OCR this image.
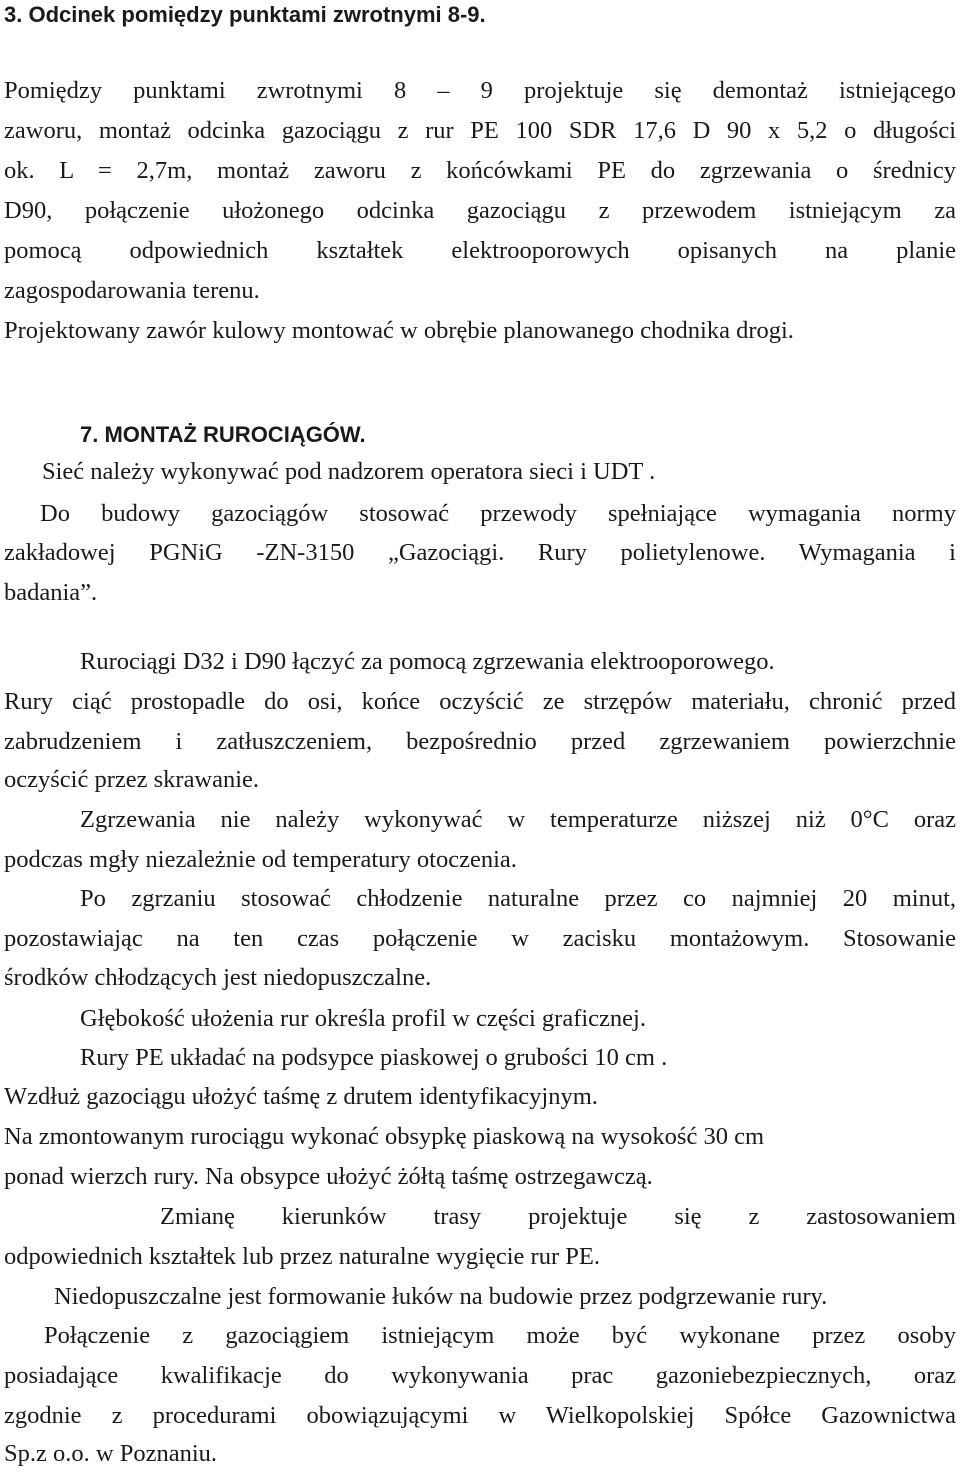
3. Odcinek pomiędzy punktami zwrotnymi 8-9.

Pomiędzy punktami zwrotnymi 8 – 9 projektuje się demontaż istniejącego

zaworu, montaż odcinka gazociągu z rur PE 100 SDR 17,6 D 90 x 5,2 o długości

ok. L = 2,7m, montaż zaworu z końcówkami PE do zgrzewania o średnicy

D90, połączenie ułożonego odcinka gazociągu z przewodem istniejącym za

pomocą odpowiednich kształtek elektrooporowych opisanych na planie

zagospodarowania terenu.

Projektowany zawór kulowy montować w obrębie planowanego chodnika drogi.

7. MONTAŻ RUROCIĄGÓW.

Sieć należy wykonywać pod nadzorem operatora sieci i UDT .

Do budowy gazociągów stosować przewody spełniające wymagania normy

zakładowej PGNiG -ZN-3150 „Gazociągi. Rury polietylenowe. Wymagania i

badania”.

Rurociągi D32 i D90 łączyć za pomocą zgrzewania elektrooporowego.

Rury ciąć prostopadle do osi, końce oczyścić ze strzępów materiału, chronić przed

zabrudzeniem i zatłuszczeniem, bezpośrednio przed zgrzewaniem powierzchnie

oczyścić przez skrawanie.

Zgrzewania nie należy wykonywać w temperaturze niższej niż 0°C oraz

podczas mgły niezależnie od temperatury otoczenia.

Po zgrzaniu stosować chłodzenie naturalne przez co najmniej 20 minut,

pozostawiając na ten czas połączenie w zacisku montażowym. Stosowanie

środków chłodzących jest niedopuszczalne.

Głębokość ułożenia rur określa profil w części graficznej.

Rury PE układać na podsypce piaskowej o grubości 10 cm .

Wzdłuż gazociągu ułożyć taśmę z drutem identyfikacyjnym.

Na zmontowanym rurociągu wykonać obsypkę piaskową na wysokość 30 cm

ponad wierzch rury. Na obsypce ułożyć żółtą taśmę ostrzegawczą.

Zmianę kierunków trasy projektuje się z zastosowaniem

odpowiednich kształtek lub przez naturalne wygięcie rur PE.

Niedopuszczalne jest formowanie łuków na budowie przez podgrzewanie rury.

Połączenie z gazociągiem istniejącym może być wykonane przez osoby

posiadające kwalifikacje do wykonywania prac gazoniebezpiecznych, oraz

zgodnie z procedurami obowiązującymi w Wielkopolskiej Spółce Gazownictwa

Sp.z o.o. w Poznaniu.
